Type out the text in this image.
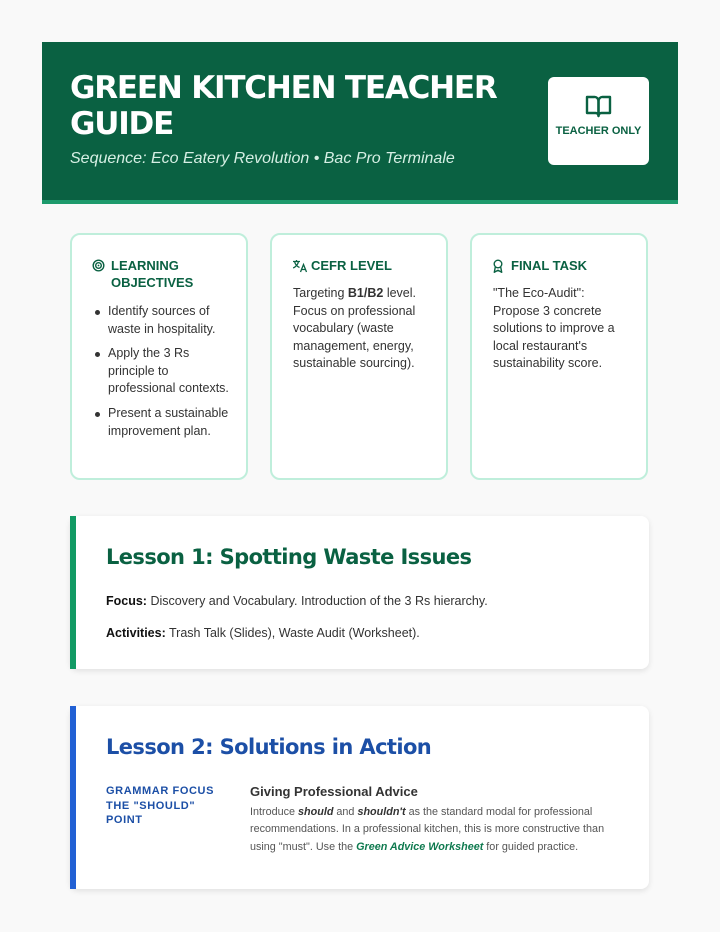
GREEN KITCHEN TEACHER GUIDE
Sequence: Eco Eatery Revolution • Bac Pro Terminale
TEACHER ONLY
LEARNING OBJECTIVES
Identify sources of waste in hospitality.
Apply the 3 Rs principle to professional contexts.
Present a sustainable improvement plan.
CEFR LEVEL
Targeting B1/B2 level. Focus on professional vocabulary (waste management, energy, sustainable sourcing).
FINAL TASK
"The Eco-Audit": Propose 3 concrete solutions to improve a local restaurant's sustainability score.
Lesson 1: Spotting Waste Issues
Focus: Discovery and Vocabulary. Introduction of the 3 Rs hierarchy.
Activities: Trash Talk (Slides), Waste Audit (Worksheet).
Lesson 2: Solutions in Action
GRAMMAR FOCUS THE "SHOULD" POINT
Giving Professional Advice
Introduce should and shouldn't as the standard modal for professional recommendations. In a professional kitchen, this is more constructive than using "must". Use the Green Advice Worksheet for guided practice.
